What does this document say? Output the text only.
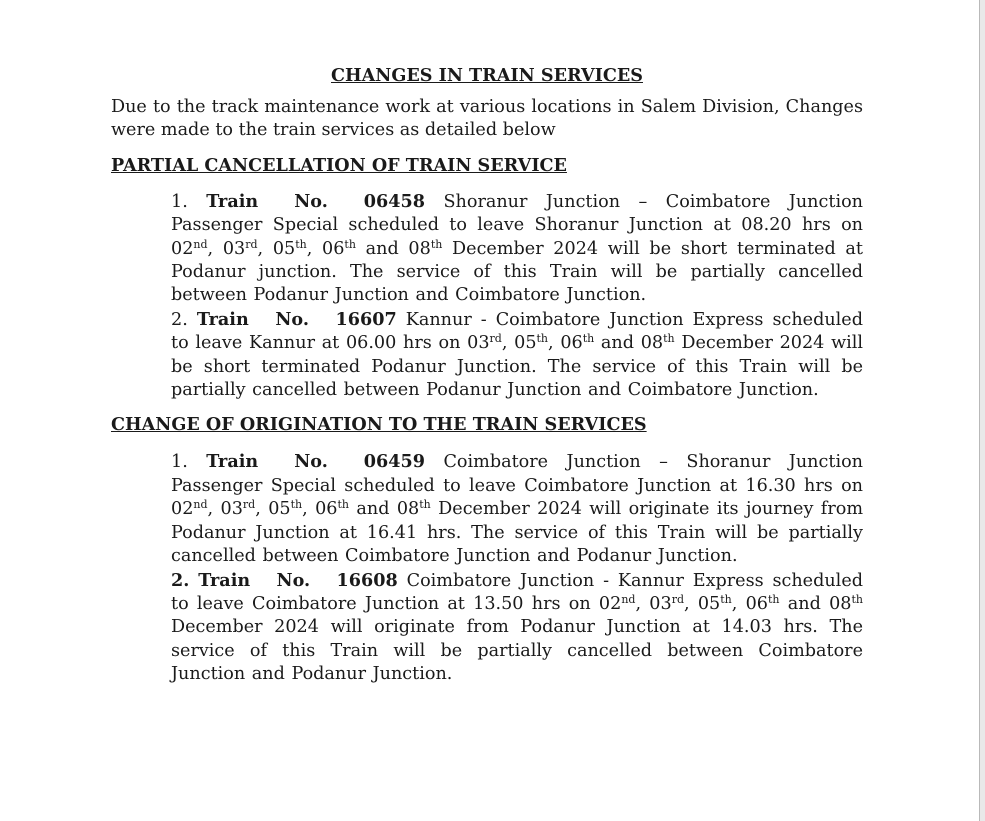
CHANGES IN TRAIN SERVICES

Due to the track maintenance work at various locations in Salem Division, Changes were made to the train services as detailed below

PARTIAL CANCELLATION OF TRAIN SERVICE

1. Train No. 06458 Shoranur Junction – Coimbatore Junction Passenger Special scheduled to leave Shoranur Junction at 08.20 hrs on 02nd, 03rd, 05th, 06th and 08th December 2024 will be short terminated at Podanur junction. The service of this Train will be partially cancelled between Podanur Junction and Coimbatore Junction.

2. Train No. 16607 Kannur - Coimbatore Junction Express scheduled to leave Kannur at 06.00 hrs on 03rd, 05th, 06th and 08th December 2024 will be short terminated Podanur Junction. The service of this Train will be partially cancelled between Podanur Junction and Coimbatore Junction.

CHANGE OF ORIGINATION TO THE TRAIN SERVICES

1. Train No. 06459 Coimbatore Junction – Shoranur Junction Passenger Special scheduled to leave Coimbatore Junction at 16.30 hrs on 02nd, 03rd, 05th, 06th and 08th December 2024 will originate its journey from Podanur Junction at 16.41 hrs. The service of this Train will be partially cancelled between Coimbatore Junction and Podanur Junction.

2. Train No. 16608 Coimbatore Junction - Kannur Express scheduled to leave Coimbatore Junction at 13.50 hrs on 02nd, 03rd, 05th, 06th and 08th December 2024 will originate from Podanur Junction at 14.03 hrs. The service of this Train will be partially cancelled between Coimbatore Junction and Podanur Junction.
